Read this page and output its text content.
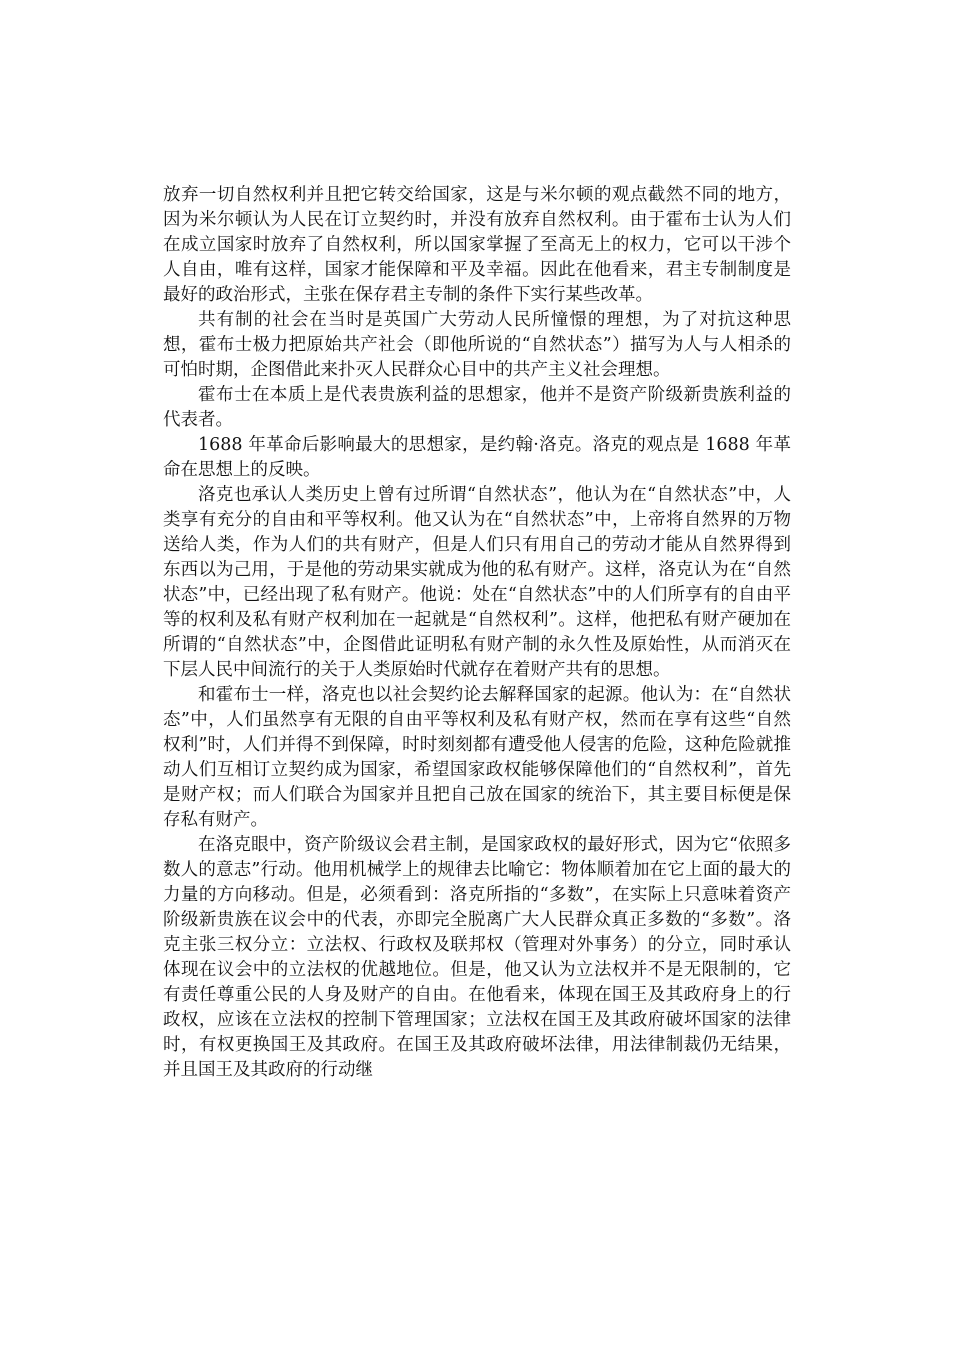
放弃一切自然权利并且把它转交给国家，这是与米尔顿的观点截然不同的地方，因为米尔顿认为人民在订立契约时，并没有放弃自然权利。由于霍布士认为人们在成立国家时放弃了自然权利，所以国家掌握了至高无上的权力，它可以干涉个人自由，唯有这样，国家才能保障和平及幸福。因此在他看来，君主专制制度是最好的政治形式，主张在保存君主专制的条件下实行某些改革。

共有制的社会在当时是英国广大劳动人民所憧憬的理想，为了对抗这种思想，霍布士极力把原始共产社会（即他所说的“自然状态”）描写为人与人相杀的可怕时期，企图借此来扑灭人民群众心目中的共产主义社会理想。

霍布士在本质上是代表贵族利益的思想家，他并不是资产阶级新贵族利益的代表者。

1688 年革命后影响最大的思想家，是约翰·洛克。洛克的观点是 1688 年革命在思想上的反映。

洛克也承认人类历史上曾有过所谓“自然状态”，他认为在“自然状态”中，人类享有充分的自由和平等权利。他又认为在“自然状态”中，上帝将自然界的万物送给人类，作为人们的共有财产，但是人们只有用自己的劳动才能从自然界得到东西以为己用，于是他的劳动果实就成为他的私有财产。这样，洛克认为在“自然状态”中，已经出现了私有财产。他说：处在“自然状态”中的人们所享有的自由平等的权利及私有财产权利加在一起就是“自然权利”。这样，他把私有财产硬加在所谓的“自然状态”中，企图借此证明私有财产制的永久性及原始性，从而消灭在下层人民中间流行的关于人类原始时代就存在着财产共有的思想。

和霍布士一样，洛克也以社会契约论去解释国家的起源。他认为：在“自然状态”中，人们虽然享有无限的自由平等权利及私有财产权，然而在享有这些“自然权利”时，人们并得不到保障，时时刻刻都有遭受他人侵害的危险，这种危险就推动人们互相订立契约成为国家，希望国家政权能够保障他们的“自然权利”，首先是财产权；而人们联合为国家并且把自己放在国家的统治下，其主要目标便是保存私有财产。

在洛克眼中，资产阶级议会君主制，是国家政权的最好形式，因为它“依照多数人的意志”行动。他用机械学上的规律去比喻它：物体顺着加在它上面的最大的力量的方向移动。但是，必须看到：洛克所指的“多数”，在实际上只意味着资产阶级新贵族在议会中的代表，亦即完全脱离广大人民群众真正多数的“多数”。洛克主张三权分立：立法权、行政权及联邦权（管理对外事务）的分立，同时承认体现在议会中的立法权的优越地位。但是，他又认为立法权并不是无限制的，它有责任尊重公民的人身及财产的自由。在他看来，体现在国王及其政府身上的行政权，应该在立法权的控制下管理国家；立法权在国王及其政府破坏国家的法律时，有权更换国王及其政府。在国王及其政府破坏法律，用法律制裁仍无结果，并且国王及其政府的行动继
